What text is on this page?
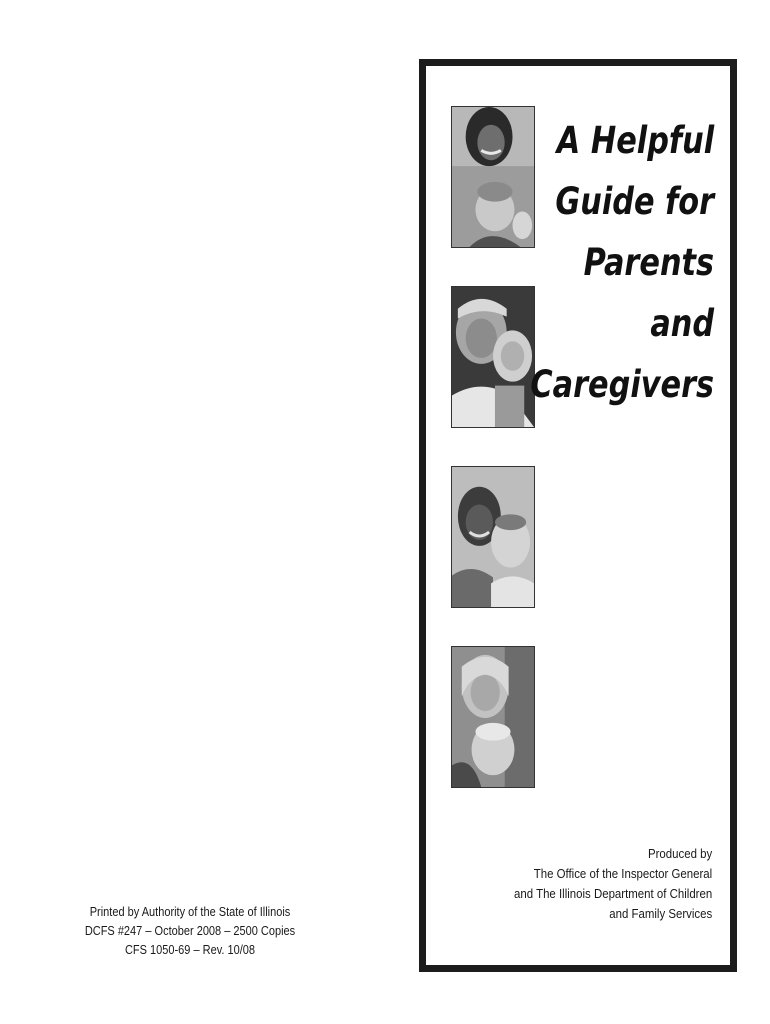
Printed by Authority of the State of Illinois
DCFS #247 – October 2008 – 2500 Copies
CFS 1050-69 – Rev. 10/08
A Helpful
Guide for
Parents
and
Caregivers
Produced by
The Office of the Inspector General
and The Illinois Department of Children
and Family Services
